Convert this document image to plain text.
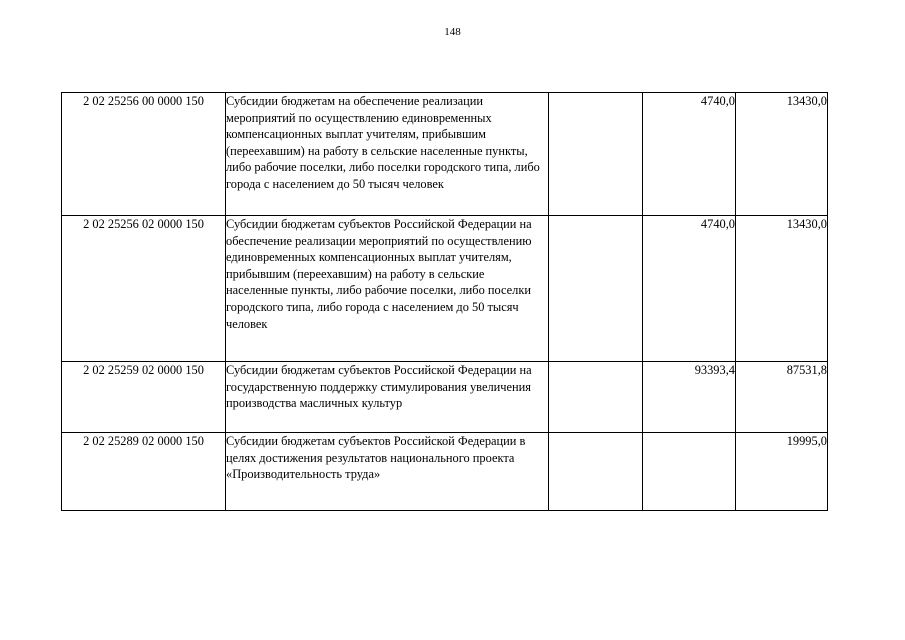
148
2 02 25256 00 0000 150	Субсидии бюджетам на обеспечение реализации мероприятий по осуществлению единовременных компенсационных выплат учителям, прибывшим (переехавшим) на работу в сельские населенные пункты, либо рабочие поселки, либо поселки городского типа, либо города с населением до 50 тысяч человек		4740,0	13430,0
2 02 25256 02 0000 150	Субсидии бюджетам субъектов Российской Федерации на обеспечение реализации мероприятий по осуществлению единовременных компенсационных выплат учителям, прибывшим (переехавшим) на работу в сельские населенные пункты, либо рабочие поселки, либо поселки городского типа, либо города с населением до 50 тысяч человек		4740,0	13430,0
2 02 25259 02 0000 150	Субсидии бюджетам субъектов Российской Федерации на государственную поддержку стимулирования увеличения производства масличных культур		93393,4	87531,8
2 02 25289 02 0000 150	Субсидии бюджетам субъектов Российской Федерации в целях достижения результатов национального проекта «Производительность труда»			19995,0
